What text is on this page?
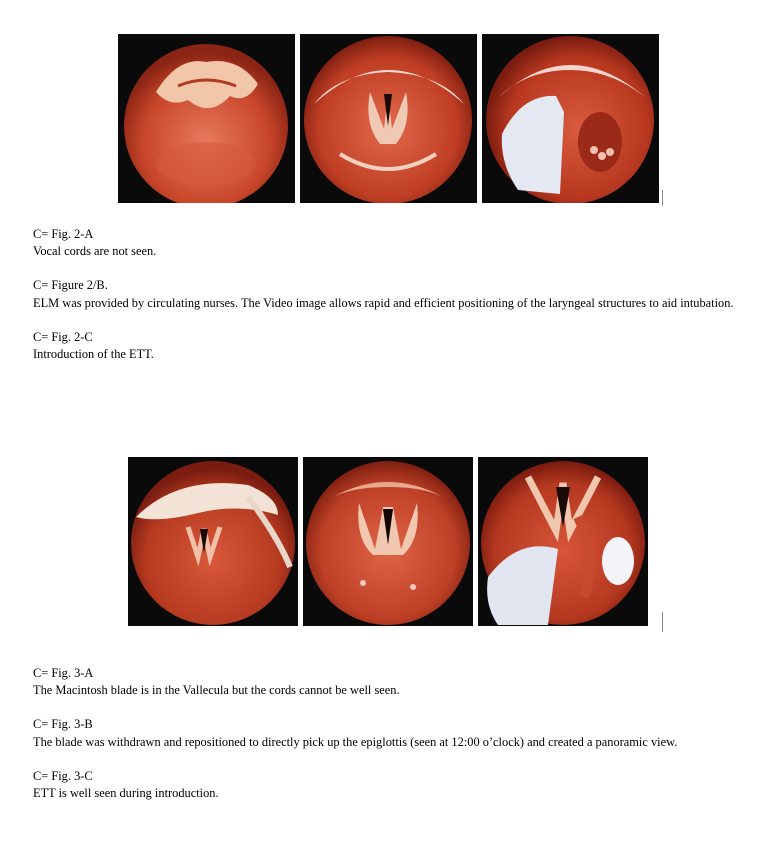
C= Fig. 2-A

Vocal cords are not seen.

C= Figure 2/B.

ELM was provided by circulating nurses. The Video image allows rapid and efficient positioning of the laryngeal structures to aid intubation.

C= Fig. 2-C

Introduction of the ETT.

C= Fig. 3-A

The Macintosh blade is in the Vallecula but the cords cannot be well seen.

C= Fig. 3-B

The blade was withdrawn and repositioned to directly pick up the epiglottis (seen at 12:00 o’clock) and created a panoramic view.

C= Fig. 3-C

ETT is well seen during introduction.
